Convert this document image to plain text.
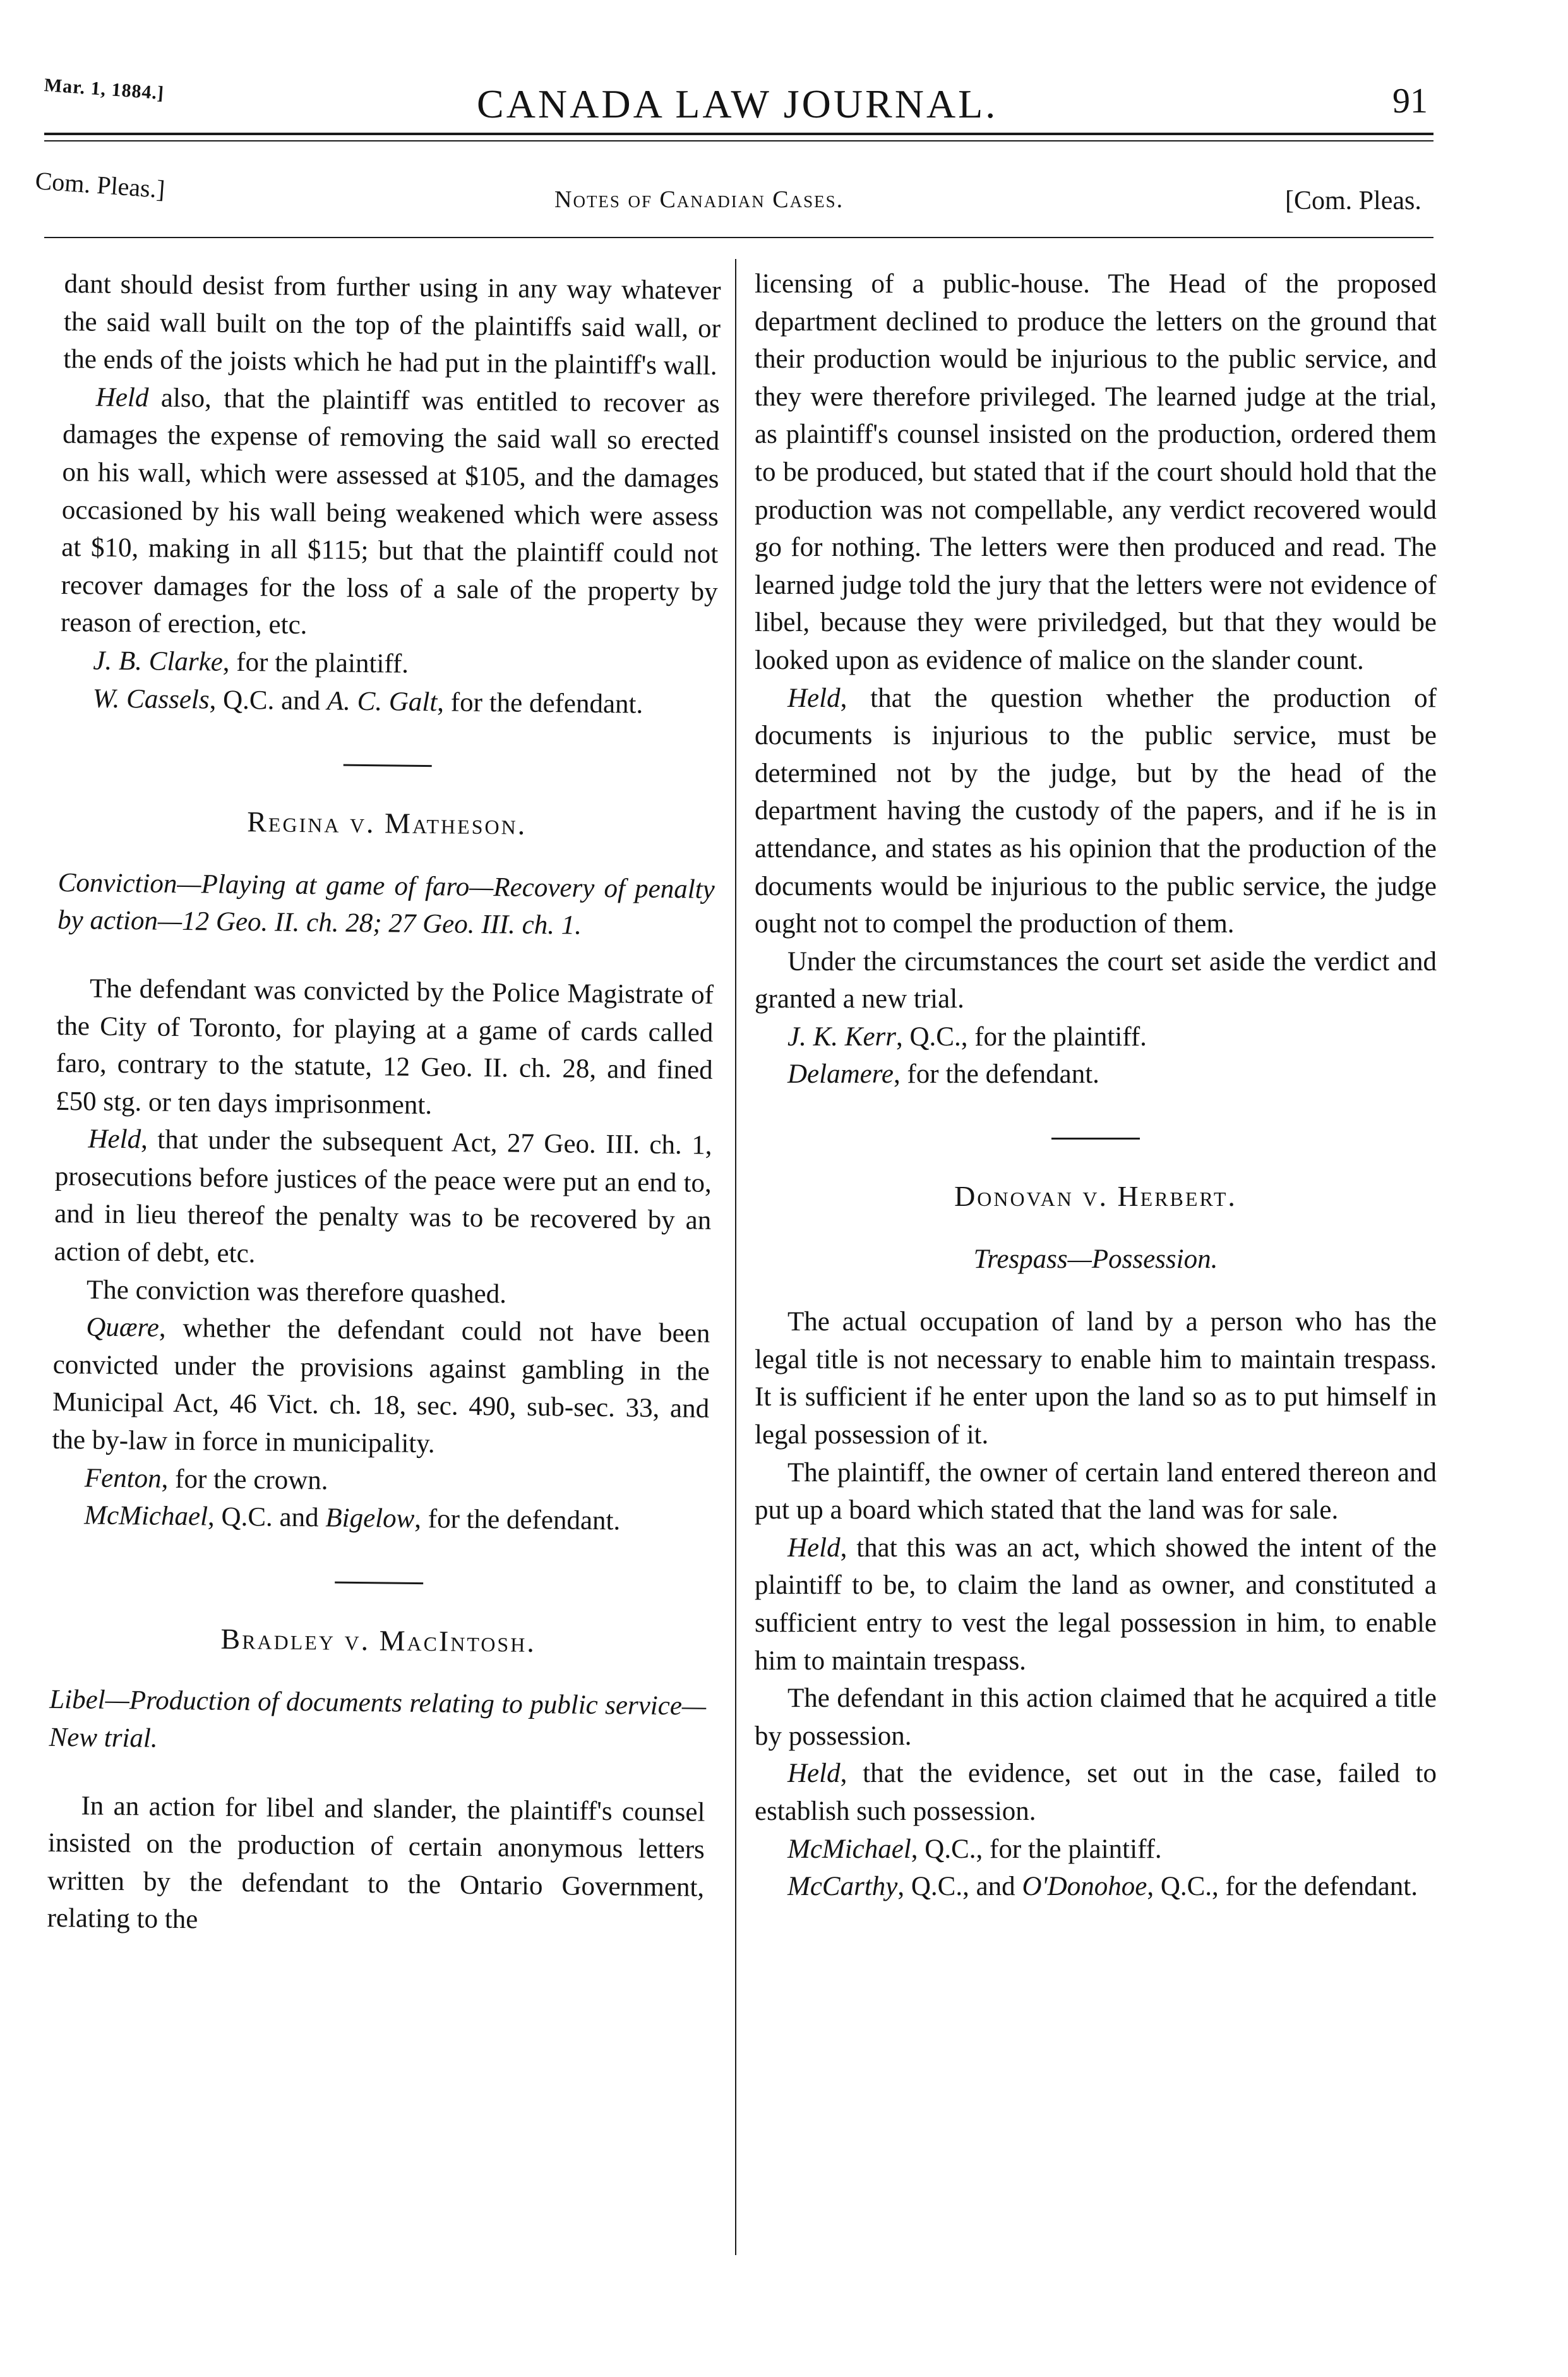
Mar. 1, 1884.]	CANADA LAW JOURNAL.	91
Com. Pleas.]	Notes of Canadian Cases.	[Com. Pleas.

dant should desist from further using in any way whatever the said wall built on the top of the plaintiffs said wall, or the ends of the joists which he had put in the plaintiff's wall.

Held also, that the plaintiff was entitled to recover as damages the expense of removing the said wall so erected on his wall, which were assessed at $105, and the damages occasioned by his wall being weakened which were assess at $10, making in all $115; but that the plaintiff could not recover damages for the loss of a sale of the property by reason of erection, etc.

J. B. Clarke, for the plaintiff.

W. Cassels, Q.C. and A. C. Galt, for the defendant.

Regina v. Matheson.

Conviction—Playing at game of faro—Recovery of penalty by action—12 Geo. II. ch. 28; 27 Geo. III. ch. 1.

The defendant was convicted by the Police Magistrate of the City of Toronto, for playing at a game of cards called faro, contrary to the statute, 12 Geo. II. ch. 28, and fined £50 stg. or ten days imprisonment.

Held, that under the subsequent Act, 27 Geo. III. ch. 1, prosecutions before justices of the peace were put an end to, and in lieu thereof the penalty was to be recovered by an action of debt, etc.

The conviction was therefore quashed.

Quære, whether the defendant could not have been convicted under the provisions against gambling in the Municipal Act, 46 Vict. ch. 18, sec. 490, sub-sec. 33, and the by-law in force in municipality.

Fenton, for the crown.

McMichael, Q.C. and Bigelow, for the defendant.

Bradley v. MacIntosh.

Libel—Production of documents relating to public service—New trial.

In an action for libel and slander, the plaintiff's counsel insisted on the production of certain anonymous letters written by the defendant to the Ontario Government, relating to the

licensing of a public-house. The Head of the proposed department declined to produce the letters on the ground that their production would be injurious to the public service, and they were therefore privileged. The learned judge at the trial, as plaintiff's counsel insisted on the production, ordered them to be produced, but stated that if the court should hold that the production was not compellable, any verdict recovered would go for nothing. The letters were then produced and read. The learned judge told the jury that the letters were not evidence of libel, because they were priviledged, but that they would be looked upon as evidence of malice on the slander count.

Held, that the question whether the production of documents is injurious to the public service, must be determined not by the judge, but by the head of the department having the custody of the papers, and if he is in attendance, and states as his opinion that the production of the documents would be injurious to the public service, the judge ought not to compel the production of them.

Under the circumstances the court set aside the verdict and granted a new trial.

J. K. Kerr, Q.C., for the plaintiff.

Delamere, for the defendant.

Donovan v. Herbert.

Trespass—Possession.

The actual occupation of land by a person who has the legal title is not necessary to enable him to maintain trespass. It is sufficient if he enter upon the land so as to put himself in legal possession of it.

The plaintiff, the owner of certain land entered thereon and put up a board which stated that the land was for sale.

Held, that this was an act, which showed the intent of the plaintiff to be, to claim the land as owner, and constituted a sufficient entry to vest the legal possession in him, to enable him to maintain trespass.

The defendant in this action claimed that he acquired a title by possession.

Held, that the evidence, set out in the case, failed to establish such possession.

McMichael, Q.C., for the plaintiff.

McCarthy, Q.C., and O'Donohoe, Q.C., for the defendant.
